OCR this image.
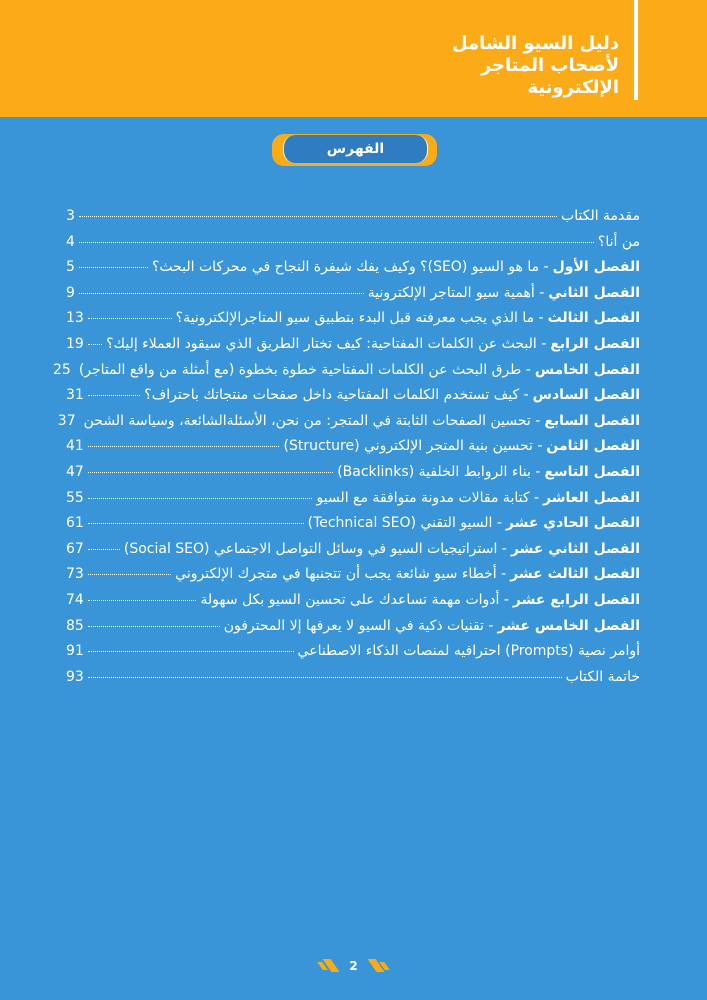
دليل السيو الشامل
لأصحاب المتاجر
الإلكترونية
الفهرس
مقدمة الكتاب
3
من أنا؟
4
الفصل الأول
- ما هو السيو (SEO)؟ وكيف يفك شيفرة النجاح في محركات البحث؟
5
الفصل الثاني
- أهمية سيو المتاجر الإلكترونية
9
الفصل الثالث
- ما الذي يجب معرفته قبل البدء بتطبيق سيو المتاجرالإلكترونية؟
13
الفصل الرابع
- البحث عن الكلمات المفتاحية: كيف تختار الطريق الذي سيقود العملاء إليك؟
19
الفصل الخامس
- طرق البحث عن الكلمات المفتاحية خطوة بخطوة (مع أمثلة من واقع المتاجر)
25
الفصل السادس
- كيف تستخدم الكلمات المفتاحية داخل صفحات منتجاتك باحتراف؟
31
الفصل السابع
- تحسين الصفحات الثابتة في المتجر: من نحن، الأسئلةالشائعة، وسياسة الشحن
37
الفصل الثامن
- تحسين بنية المتجر الإلكتروني (Structure)
41
الفصل التاسع
- بناء الروابط الخلفية (Backlinks)
47
الفصل العاشر
- كتابة مقالات مدونة متوافقة مع السيو
55
الفصل الحادي عشر
- السيو التقني (Technical SEO)
61
الفصل الثاني عشر
- استراتيجيات السيو في وسائل التواصل الاجتماعي (Social SEO)
67
الفصل الثالث عشر
- أخطاء سيو شائعة يجب أن تتجنبها في متجرك الإلكتروني
73
الفصل الرابع عشر
- أدوات مهمة تساعدك على تحسين السيو بكل سهولة
74
الفصل الخامس عشر
- تقنيات ذكية في السيو لا يعرفها إلا المحترفون
85
أوامر نصية (Prompts) احترافيه لمنصات الذكاء الاصطناعي
91
خاتمة الكتاب
93
2
